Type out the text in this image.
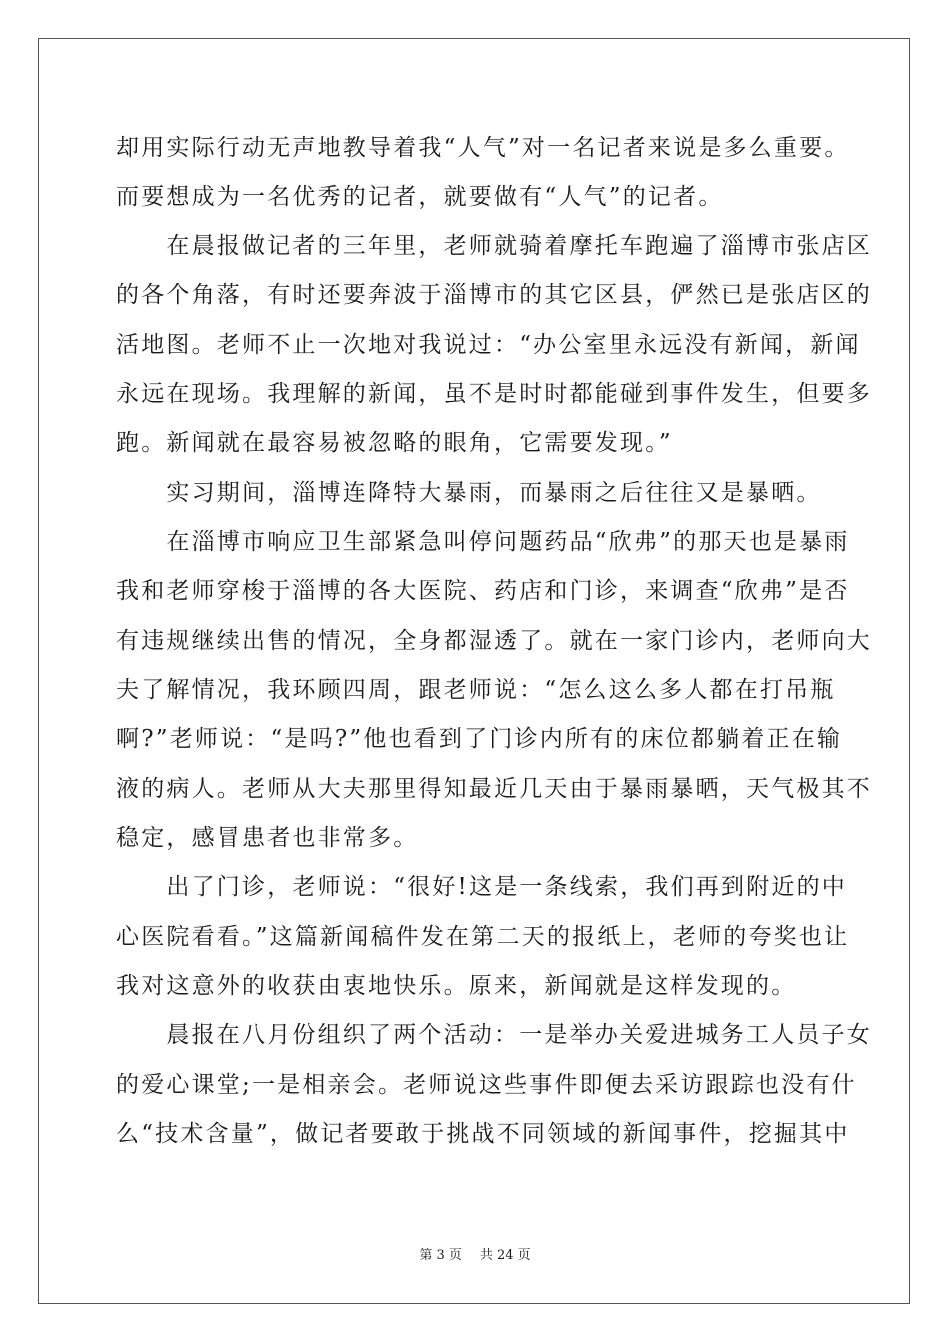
却用实际行动无声地教导着我“人气”对一名记者来说是多么重要。
而要想成为一名优秀的记者，就要做有“人气”的记者。
　　在晨报做记者的三年里，老师就骑着摩托车跑遍了淄博市张店区
的各个角落，有时还要奔波于淄博市的其它区县，俨然已是张店区的
活地图。老师不止一次地对我说过：“办公室里永远没有新闻，新闻
永远在现场。我理解的新闻，虽不是时时都能碰到事件发生，但要多
跑。新闻就在最容易被忽略的眼角，它需要发现。”
　　实习期间，淄博连降特大暴雨，而暴雨之后往往又是暴晒。
　　在淄博市响应卫生部紧急叫停问题药品“欣弗”的那天也是暴雨
我和老师穿梭于淄博的各大医院、药店和门诊，来调查“欣弗”是否
有违规继续出售的情况，全身都湿透了。就在一家门诊内，老师向大
夫了解情况，我环顾四周，跟老师说：“怎么这么多人都在打吊瓶
啊?”老师说：“是吗?”他也看到了门诊内所有的床位都躺着正在输
液的病人。老师从大夫那里得知最近几天由于暴雨暴晒，天气极其不
稳定，感冒患者也非常多。
　　出了门诊，老师说：“很好!这是一条线索，我们再到附近的中
心医院看看。”这篇新闻稿件发在第二天的报纸上，老师的夸奖也让
我对这意外的收获由衷地快乐。原来，新闻就是这样发现的。
　　晨报在八月份组织了两个活动：一是举办关爱进城务工人员子女
的爱心课堂;一是相亲会。老师说这些事件即便去采访跟踪也没有什
么“技术含量”，做记者要敢于挑战不同领域的新闻事件，挖掘其中
第 3 页 共 24 页
